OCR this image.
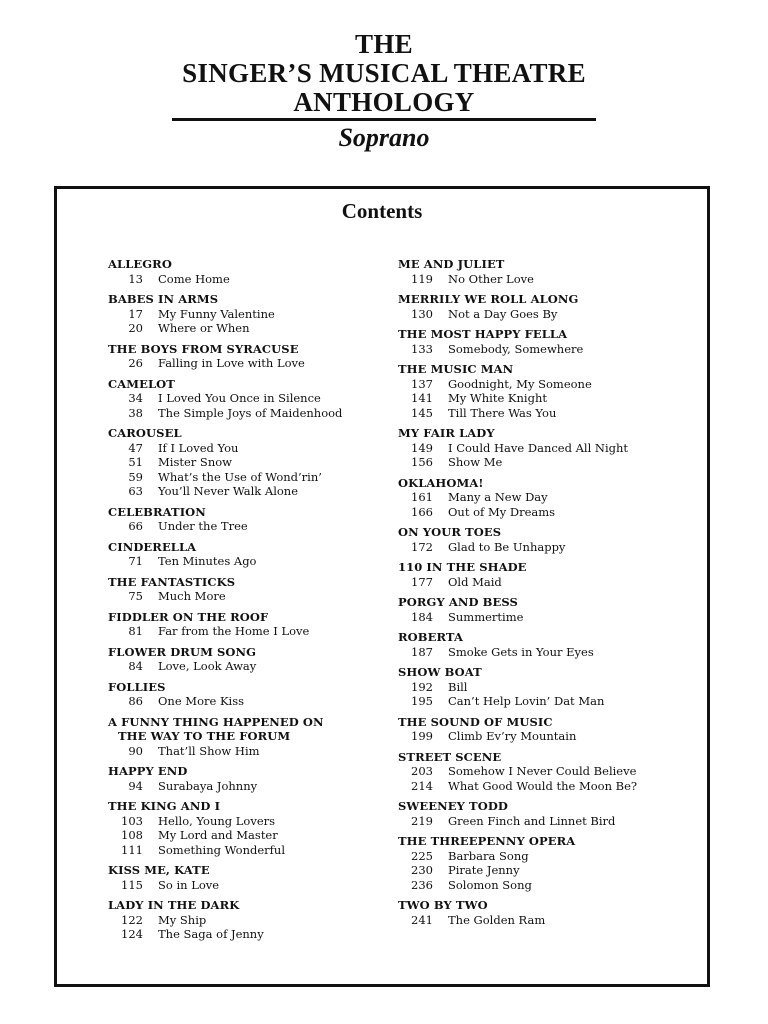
THE
SINGER’S MUSICAL THEATRE
ANTHOLOGY
Soprano
Contents
ALLEGRO
13	Come Home
BABES IN ARMS
17	My Funny Valentine
20	Where or When
THE BOYS FROM SYRACUSE
26	Falling in Love with Love
CAMELOT
34	I Loved You Once in Silence
38	The Simple Joys of Maidenhood
CAROUSEL
47	If I Loved You
51	Mister Snow
59	What’s the Use of Wond’rin’
63	You’ll Never Walk Alone
CELEBRATION
66	Under the Tree
CINDERELLA
71	Ten Minutes Ago
THE FANTASTICKS
75	Much More
FIDDLER ON THE ROOF
81	Far from the Home I Love
FLOWER DRUM SONG
84	Love, Look Away
FOLLIES
86	One More Kiss
A FUNNY THING HAPPENED ON
THE WAY TO THE FORUM
90	That’ll Show Him
HAPPY END
94	Surabaya Johnny
THE KING AND I
103	Hello, Young Lovers
108	My Lord and Master
111	Something Wonderful
KISS ME, KATE
115	So in Love
LADY IN THE DARK
122	My Ship
124	The Saga of Jenny
ME AND JULIET
119	No Other Love
MERRILY WE ROLL ALONG
130	Not a Day Goes By
THE MOST HAPPY FELLA
133	Somebody, Somewhere
THE MUSIC MAN
137	Goodnight, My Someone
141	My White Knight
145	Till There Was You
MY FAIR LADY
149	I Could Have Danced All Night
156	Show Me
OKLAHOMA!
161	Many a New Day
166	Out of My Dreams
ON YOUR TOES
172	Glad to Be Unhappy
110 IN THE SHADE
177	Old Maid
PORGY AND BESS
184	Summertime
ROBERTA
187	Smoke Gets in Your Eyes
SHOW BOAT
192	Bill
195	Can’t Help Lovin’ Dat Man
THE SOUND OF MUSIC
199	Climb Ev’ry Mountain
STREET SCENE
203	Somehow I Never Could Believe
214	What Good Would the Moon Be?
SWEENEY TODD
219	Green Finch and Linnet Bird
THE THREEPENNY OPERA
225	Barbara Song
230	Pirate Jenny
236	Solomon Song
TWO BY TWO
241	The Golden Ram
